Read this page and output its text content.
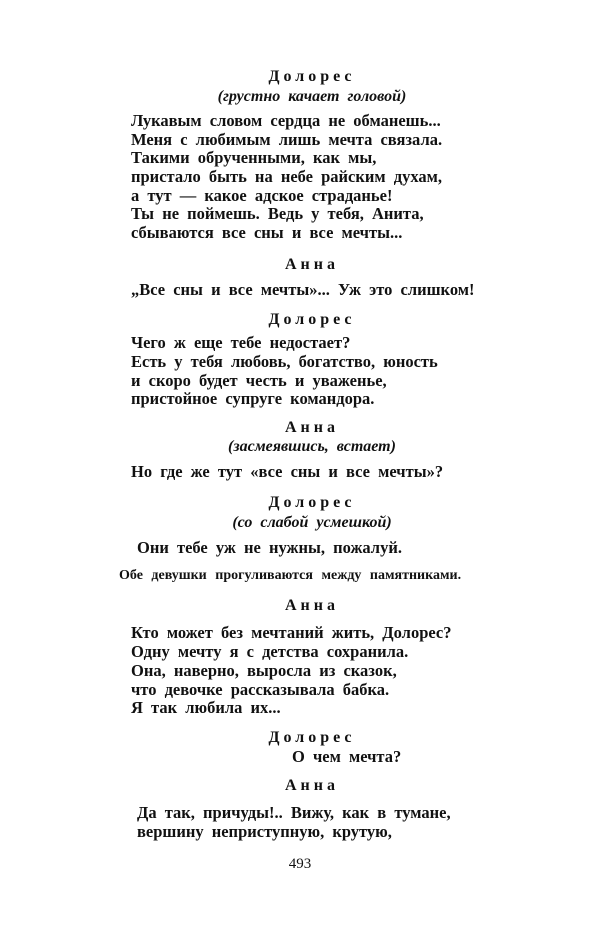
Долорес
(грустно качает головой)
Лукавым словом сердца не обманешь...
Меня с любимым лишь мечта связала.
Такими обрученными, как мы,
пристало быть на небе райским духам,
а тут — какое адское страданье!
Ты не поймешь. Ведь у тебя, Анита,
сбываются все сны и все мечты...
Анна
„Все сны и все мечты»... Уж это слишком!
Долорес
Чего ж еще тебе недостает?
Есть у тебя любовь, богатство, юность
и скоро будет честь и уваженье,
пристойное супруге командора.
Анна
(засмеявшись, встает)
Но где же тут «все сны и все мечты»?
Долорес
(со слабой усмешкой)
Они тебе уж не нужны, пожалуй.
Обе девушки прогуливаются между памятниками.
Анна
Кто может без мечтаний жить, Долорес?
Одну мечту я с детства сохранила.
Она, наверно, выросла из сказок,
что девочке рассказывала бабка.
Я так любила их...
Долорес
О чем мечта?
Анна
Да так, причуды!.. Вижу, как в тумане,
вершину неприступную, крутую,
493
